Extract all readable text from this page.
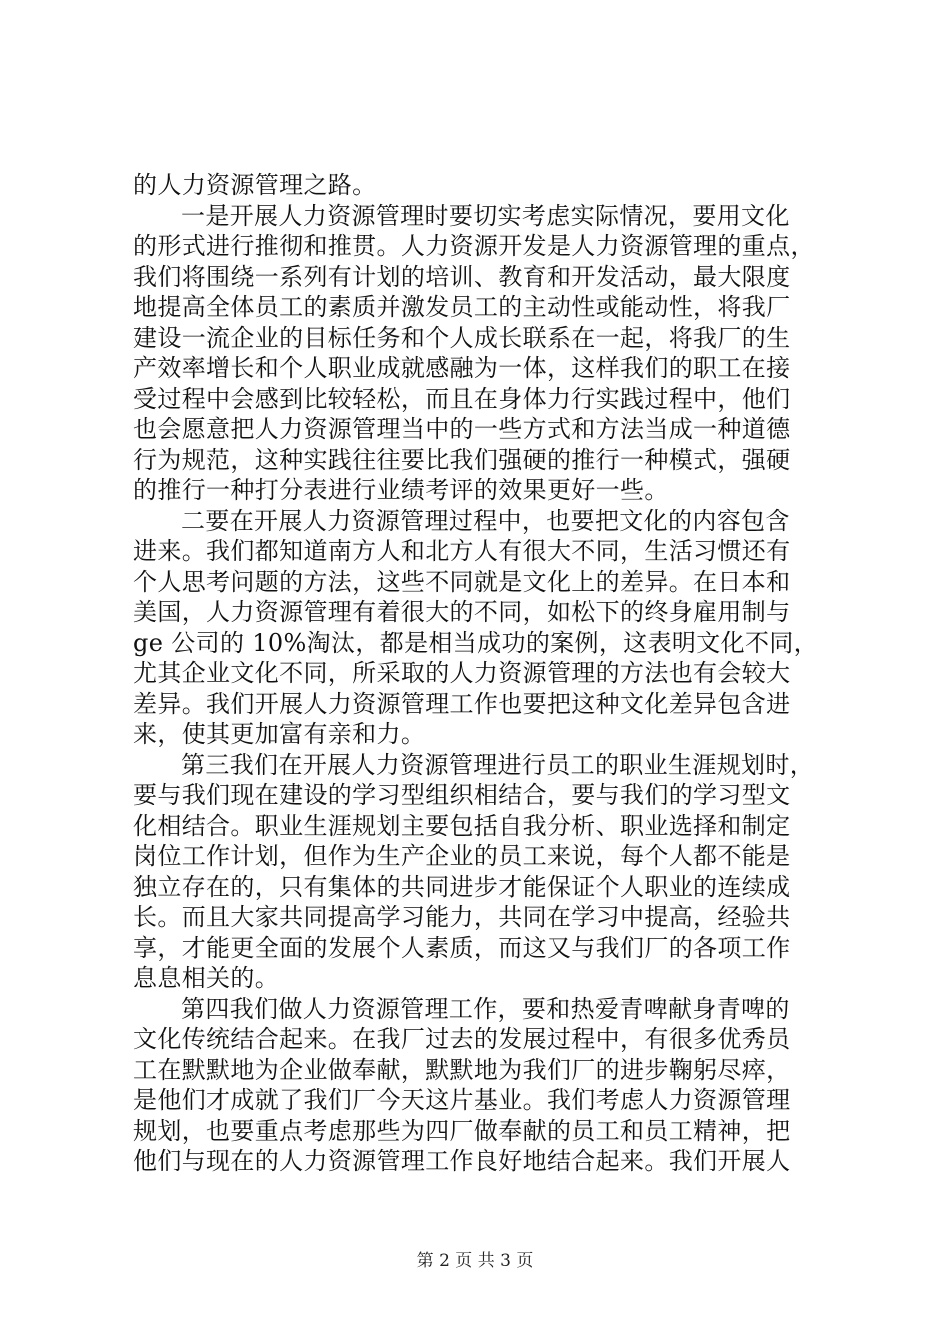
的人力资源管理之路。
一是开展人力资源管理时要切实考虑实际情况，要用文化
的形式进行推彻和推贯。人力资源开发是人力资源管理的重点，
我们将围绕一系列有计划的培训、教育和开发活动，最大限度
地提高全体员工的素质并激发员工的主动性或能动性，将我厂
建设一流企业的目标任务和个人成长联系在一起，将我厂的生
产效率增长和个人职业成就感融为一体，这样我们的职工在接
受过程中会感到比较轻松，而且在身体力行实践过程中，他们
也会愿意把人力资源管理当中的一些方式和方法当成一种道德
行为规范，这种实践往往要比我们强硬的推行一种模式，强硬
的推行一种打分表进行业绩考评的效果更好一些。
二要在开展人力资源管理过程中，也要把文化的内容包含
进来。我们都知道南方人和北方人有很大不同，生活习惯还有
个人思考问题的方法，这些不同就是文化上的差异。在日本和
美国，人力资源管理有着很大的不同，如松下的终身雇用制与
ge 公司的 10%淘汰，都是相当成功的案例，这表明文化不同，
尤其企业文化不同，所采取的人力资源管理的方法也有会较大
差异。我们开展人力资源管理工作也要把这种文化差异包含进
来，使其更加富有亲和力。
第三我们在开展人力资源管理进行员工的职业生涯规划时，
要与我们现在建设的学习型组织相结合，要与我们的学习型文
化相结合。职业生涯规划主要包括自我分析、职业选择和制定
岗位工作计划，但作为生产企业的员工来说，每个人都不能是
独立存在的，只有集体的共同进步才能保证个人职业的连续成
长。而且大家共同提高学习能力，共同在学习中提高，经验共
享，才能更全面的发展个人素质，而这又与我们厂的各项工作
息息相关的。
第四我们做人力资源管理工作，要和热爱青啤献身青啤的
文化传统结合起来。在我厂过去的发展过程中，有很多优秀员
工在默默地为企业做奉献，默默地为我们厂的进步鞠躬尽瘁，
是他们才成就了我们厂今天这片基业。我们考虑人力资源管理
规划，也要重点考虑那些为四厂做奉献的员工和员工精神，把
他们与现在的人力资源管理工作良好地结合起来。我们开展人
第 2 页 共 3 页
